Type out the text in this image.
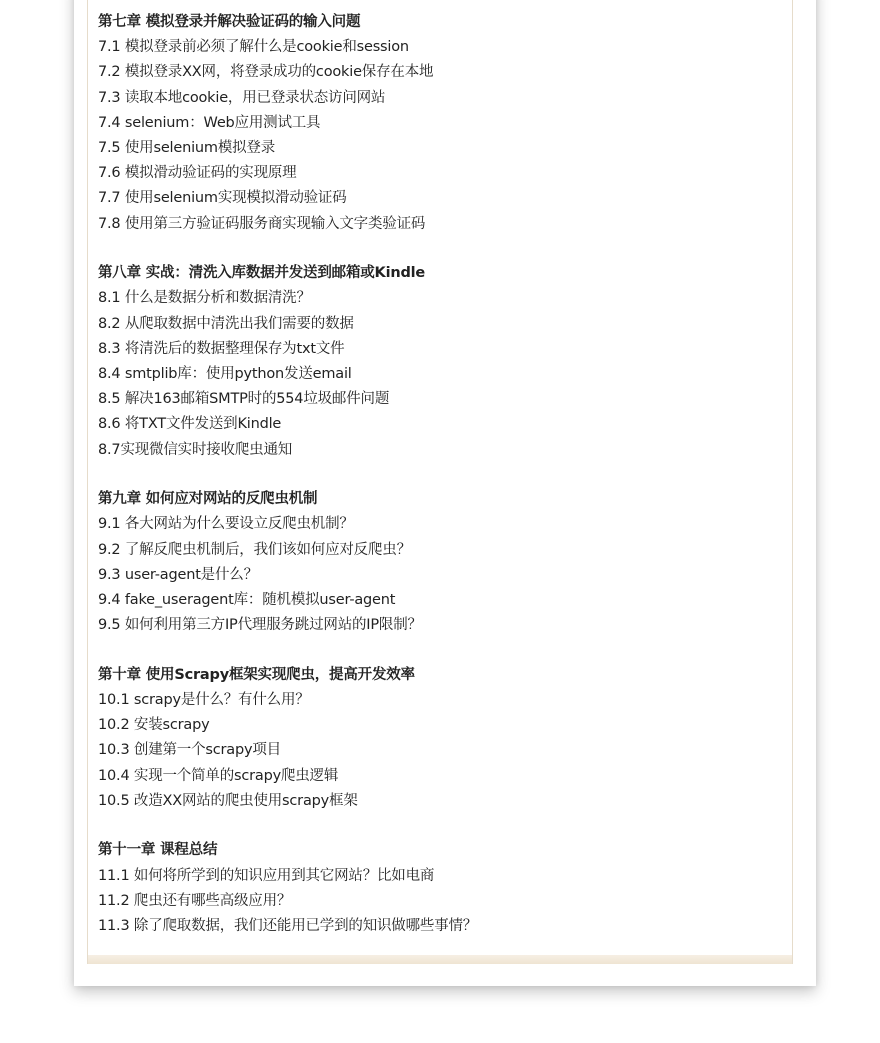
第七章 模拟登录并解决验证码的输入问题
7.1 模拟登录前必须了解什么是cookie和session
7.2 模拟登录XX网，将登录成功的cookie保存在本地
7.3 读取本地cookie，用已登录状态访问网站
7.4 selenium：Web应用测试工具
7.5 使用selenium模拟登录
7.6 模拟滑动验证码的实现原理
7.7 使用selenium实现模拟滑动验证码
7.8 使用第三方验证码服务商实现输入文字类验证码
第八章 实战：清洗入库数据并发送到邮箱或Kindle
8.1 什么是数据分析和数据清洗？
8.2 从爬取数据中清洗出我们需要的数据
8.3 将清洗后的数据整理保存为txt文件
8.4 smtplib库：使用python发送email
8.5 解决163邮箱SMTP时的554垃圾邮件问题
8.6 将TXT文件发送到Kindle
8.7实现微信实时接收爬虫通知
第九章 如何应对网站的反爬虫机制
9.1 各大网站为什么要设立反爬虫机制？
9.2 了解反爬虫机制后，我们该如何应对反爬虫？
9.3 user-agent是什么？
9.4 fake_useragent库：随机模拟user-agent
9.5 如何利用第三方IP代理服务跳过网站的IP限制？
第十章 使用Scrapy框架实现爬虫，提高开发效率
10.1 scrapy是什么？有什么用？
10.2 安装scrapy
10.3 创建第一个scrapy项目
10.4 实现一个简单的scrapy爬虫逻辑
10.5 改造XX网站的爬虫使用scrapy框架
第十一章 课程总结
11.1 如何将所学到的知识应用到其它网站？比如电商
11.2 爬虫还有哪些高级应用？
11.3 除了爬取数据，我们还能用已学到的知识做哪些事情？
